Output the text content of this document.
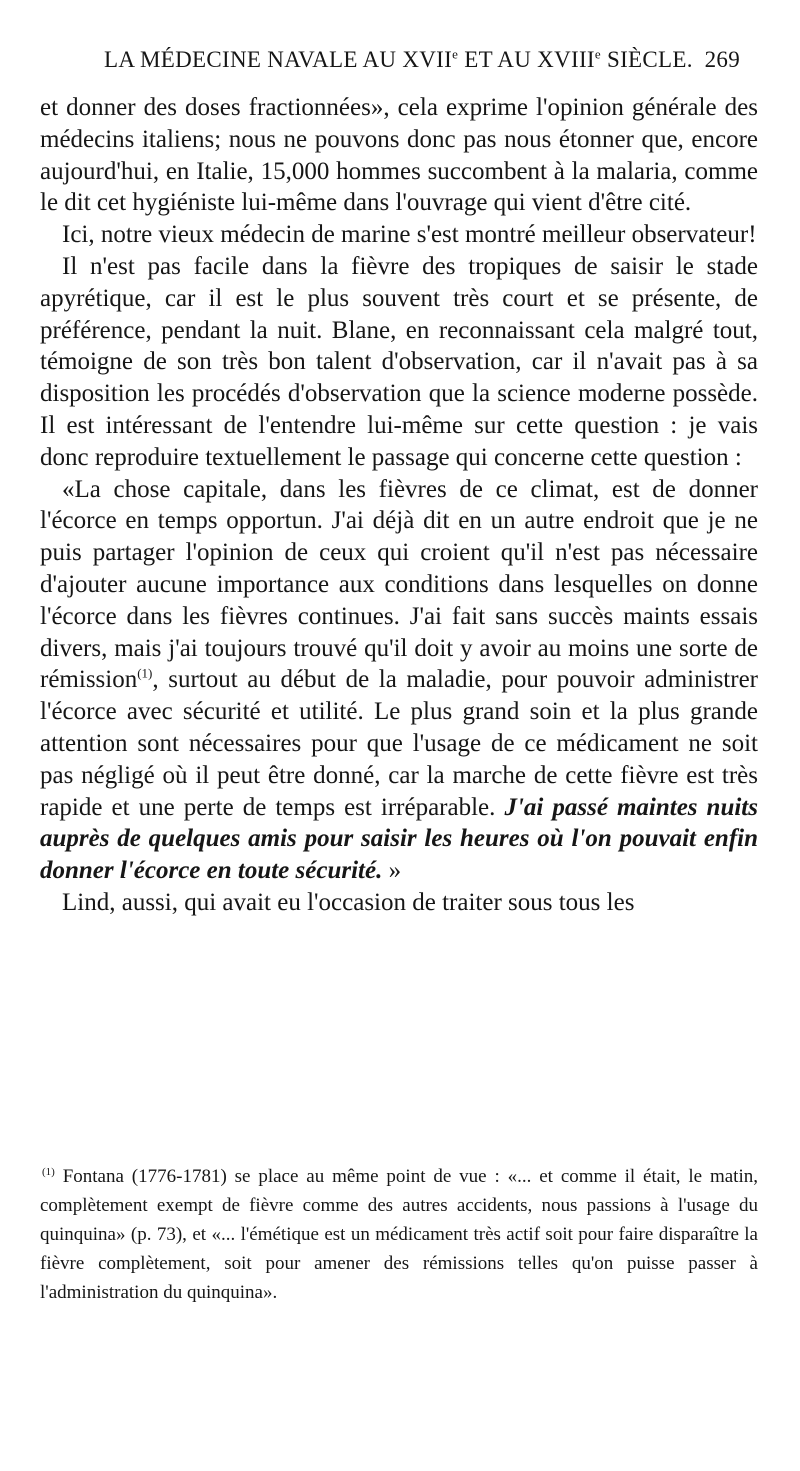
LA MÉDECINE NAVALE AU XVIIe ET AU XVIIIe SIÈCLE. 269

et donner des doses fractionnées», cela exprime l'opinion générale des médecins italiens; nous ne pouvons donc pas nous étonner que, encore aujourd'hui, en Italie, 15,000 hommes succombent à la malaria, comme le dit cet hygiéniste lui-même dans l'ouvrage qui vient d'être cité.

Ici, notre vieux médecin de marine s'est montré meilleur observateur!

Il n'est pas facile dans la fièvre des tropiques de saisir le stade apyrétique, car il est le plus souvent très court et se présente, de préférence, pendant la nuit. Blane, en reconnaissant cela malgré tout, témoigne de son très bon talent d'observation, car il n'avait pas à sa disposition les procédés d'observation que la science moderne possède. Il est intéressant de l'entendre lui-même sur cette question : je vais donc reproduire textuellement le passage qui concerne cette question :

«La chose capitale, dans les fièvres de ce climat, est de donner l'écorce en temps opportun. J'ai déjà dit en un autre endroit que je ne puis partager l'opinion de ceux qui croient qu'il n'est pas nécessaire d'ajouter aucune importance aux conditions dans lesquelles on donne l'écorce dans les fièvres continues. J'ai fait sans succès maints essais divers, mais j'ai toujours trouvé qu'il doit y avoir au moins une sorte de rémission$^{(1)}$, surtout au début de la maladie, pour pouvoir administrer l'écorce avec sécurité et utilité. Le plus grand soin et la plus grande attention sont nécessaires pour que l'usage de ce médicament ne soit pas négligé où il peut être donné, car la marche de cette fièvre est très rapide et une perte de temps est irréparable. J'ai passé maintes nuits auprès de quelques amis pour saisir les heures où l'on pouvait enfin donner l'écorce en toute sécurité. »

Lind, aussi, qui avait eu l'occasion de traiter sous tous les

$^{(1)}$ Fontana (1776-1781) se place au même point de vue : «... et comme il était, le matin, complètement exempt de fièvre comme des autres accidents, nous passions à l'usage du quinquina» (p. 73), et «... l'émétique est un médicament très actif soit pour faire disparaître la fièvre complètement, soit pour amener des rémissions telles qu'on puisse passer à l'administration du quinquina».
